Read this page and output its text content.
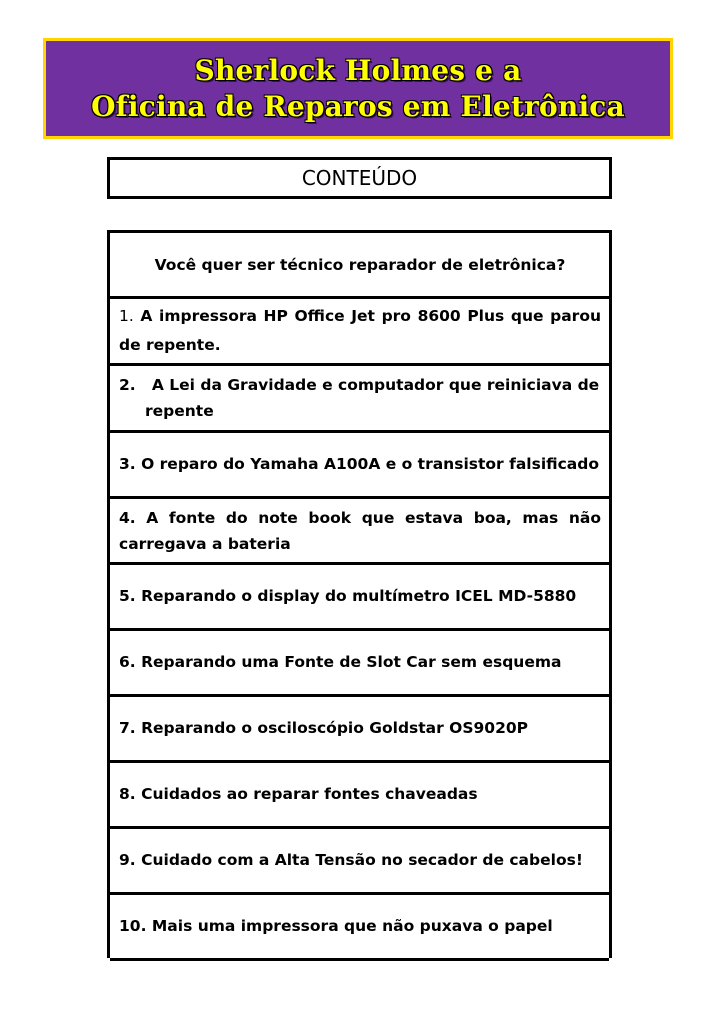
Sherlock Holmes e a
Oficina de Reparos em Eletrônica
CONTEÚDO
Você quer ser técnico reparador de eletrônica?
1. A impressora HP Office Jet pro 8600 Plus que parou de repente.
2. A Lei da Gravidade e computador que reiniciava de repente
3. O reparo do Yamaha A100A e o transistor falsificado
4. A fonte do note book que estava boa, mas não carregava a bateria
5. Reparando o display do multímetro ICEL MD-5880
6. Reparando uma Fonte de Slot Car sem esquema
7. Reparando o osciloscópio Goldstar OS9020P
8. Cuidados ao reparar fontes chaveadas
9. Cuidado com a Alta Tensão no secador de cabelos!
10. Mais uma impressora que não puxava o papel
